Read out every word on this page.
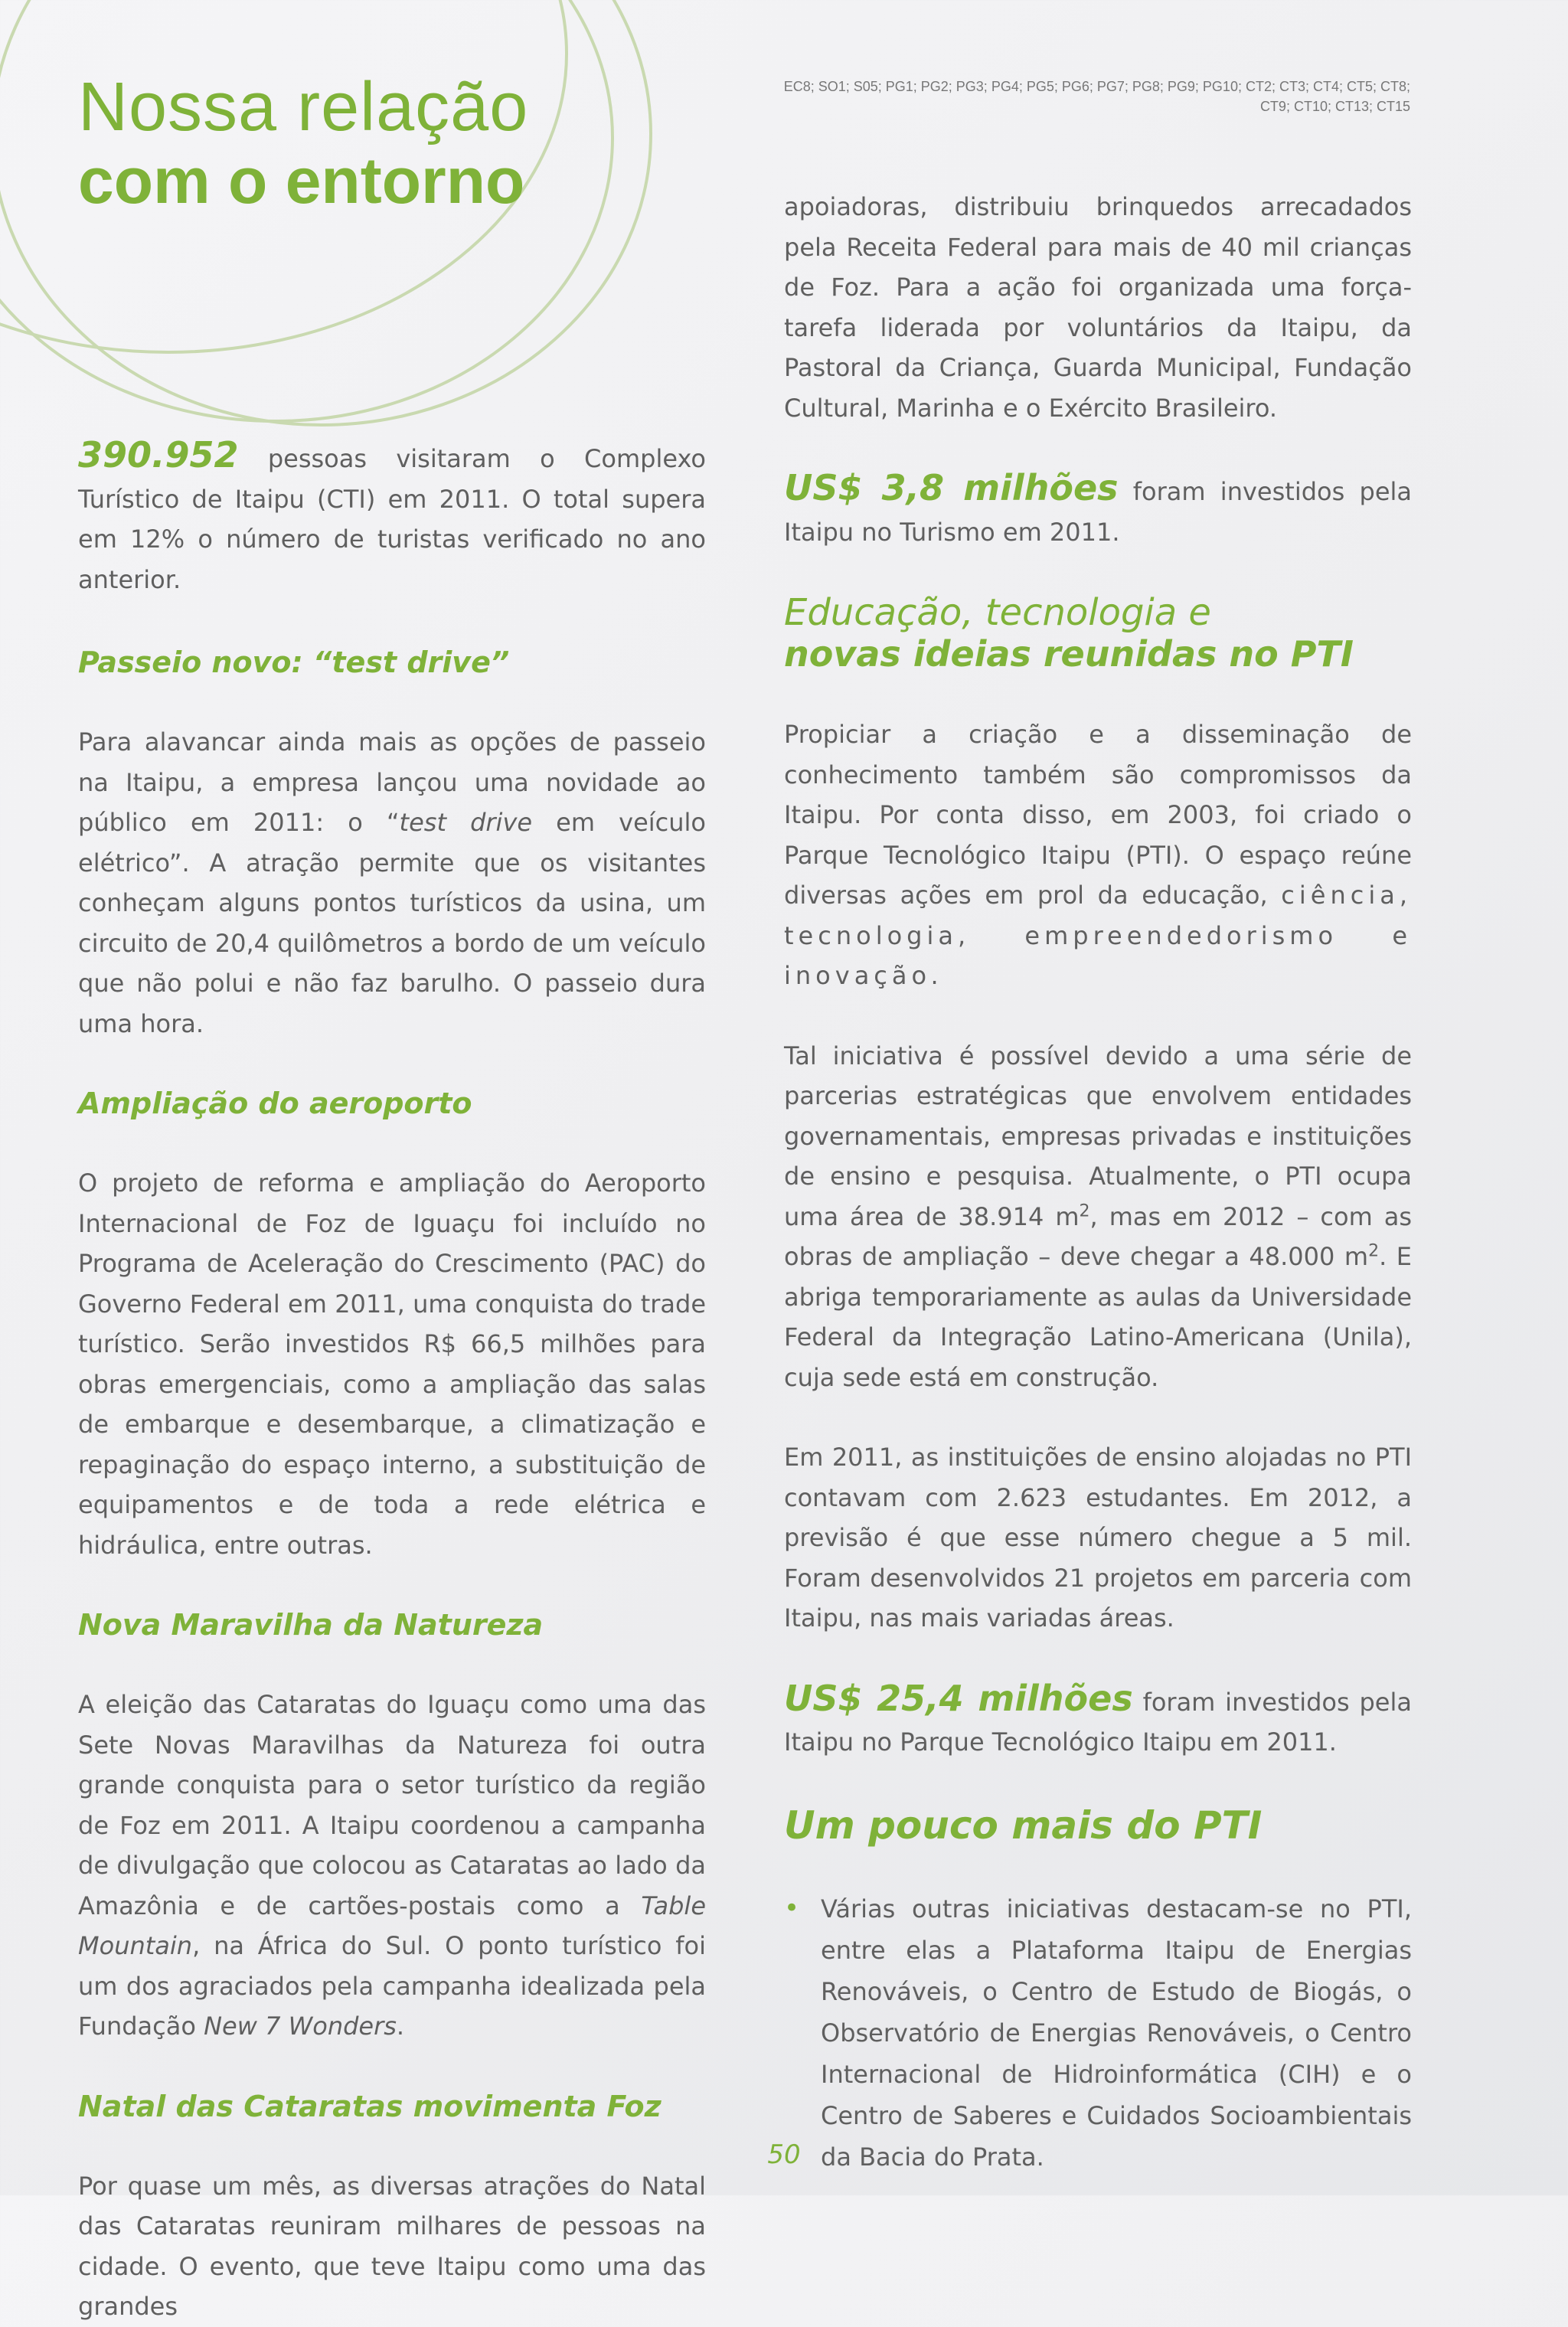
Nossa relação
com o entorno
EC8; SO1; S05; PG1; PG2; PG3; PG4; PG5; PG6; PG7; PG8; PG9; PG10; CT2; CT3; CT4; CT5; CT8; CT9; CT10; CT13; CT15

390.952 pessoas visitaram o Complexo Turístico de Itaipu (CTI) em 2011. O total supera em 12% o número de turistas verificado no ano anterior.

Passeio novo: “test drive”

Para alavancar ainda mais as opções de passeio na Itaipu, a empresa lançou uma novidade ao público em 2011: o “test drive em veículo elétrico”. A atração permite que os visitantes conheçam alguns pontos turísticos da usina, um circuito de 20,4 quilômetros a bordo de um veículo que não polui e não faz barulho. O passeio dura uma hora.

Ampliação do aeroporto

O projeto de reforma e ampliação do Aeroporto Internacional de Foz de Iguaçu foi incluído no Programa de Aceleração do Crescimento (PAC) do Governo Federal em 2011, uma conquista do trade turístico. Serão investidos R$ 66,5 milhões para obras emergenciais, como a ampliação das salas de embarque e desembarque, a climatização e repaginação do espaço interno, a substituição de equipamentos e de toda a rede elétrica e hidráulica, entre outras.

Nova Maravilha da Natureza

A eleição das Cataratas do Iguaçu como uma das Sete Novas Maravilhas da Natureza foi outra grande conquista para o setor turístico da região de Foz em 2011. A Itaipu coordenou a campanha de divulgação que colocou as Cataratas ao lado da Amazônia e de cartões-postais como a Table Mountain, na África do Sul. O ponto turístico foi um dos agraciados pela campanha idealizada pela Fundação New 7 Wonders.

Natal das Cataratas movimenta Foz

Por quase um mês, as diversas atrações do Natal das Cataratas reuniram milhares de pessoas na cidade. O evento, que teve Itaipu como uma das grandes

apoiadoras, distribuiu brinquedos arrecadados pela Receita Federal para mais de 40 mil crianças de Foz. Para a ação foi organizada uma força-tarefa liderada por voluntários da Itaipu, da Pastoral da Criança, Guarda Municipal, Fundação Cultural, Marinha e o Exército Brasileiro.

US$ 3,8 milhões foram investidos pela Itaipu no Turismo em 2011.

Educação, tecnologia e
novas ideias reunidas no PTI

Propiciar a criação e a disseminação de conhecimento também são compromissos da Itaipu. Por conta disso, em 2003, foi criado o Parque Tecnológico Itaipu (PTI). O espaço reúne diversas ações em prol da educação, ciência, tecnologia, empreendedorismo e inovação.

Tal iniciativa é possível devido a uma série de parcerias estratégicas que envolvem entidades governamentais, empresas privadas e instituições de ensino e pesquisa. Atualmente, o PTI ocupa uma área de 38.914 $m^2$, mas em 2012 – com as obras de ampliação – deve chegar a 48.000 $m^2$. E abriga temporariamente as aulas da Universidade Federal da Integração Latino-Americana (Unila), cuja sede está em construção.

Em 2011, as instituições de ensino alojadas no PTI contavam com 2.623 estudantes. Em 2012, a previsão é que esse número chegue a 5 mil. Foram desenvolvidos 21 projetos em parceria com Itaipu, nas mais variadas áreas.

US$ 25,4 milhões foram investidos pela Itaipu no Parque Tecnológico Itaipu em 2011.

Um pouco mais do PTI
• Várias outras iniciativas destacam-se no PTI, entre elas a Plataforma Itaipu de Energias Renováveis, o Centro de Estudo de Biogás, o Observatório de Energias Renováveis, o Centro Internacional de Hidroinformática (CIH) e o Centro de Saberes e Cuidados Socioambientais da Bacia do Prata.
50
